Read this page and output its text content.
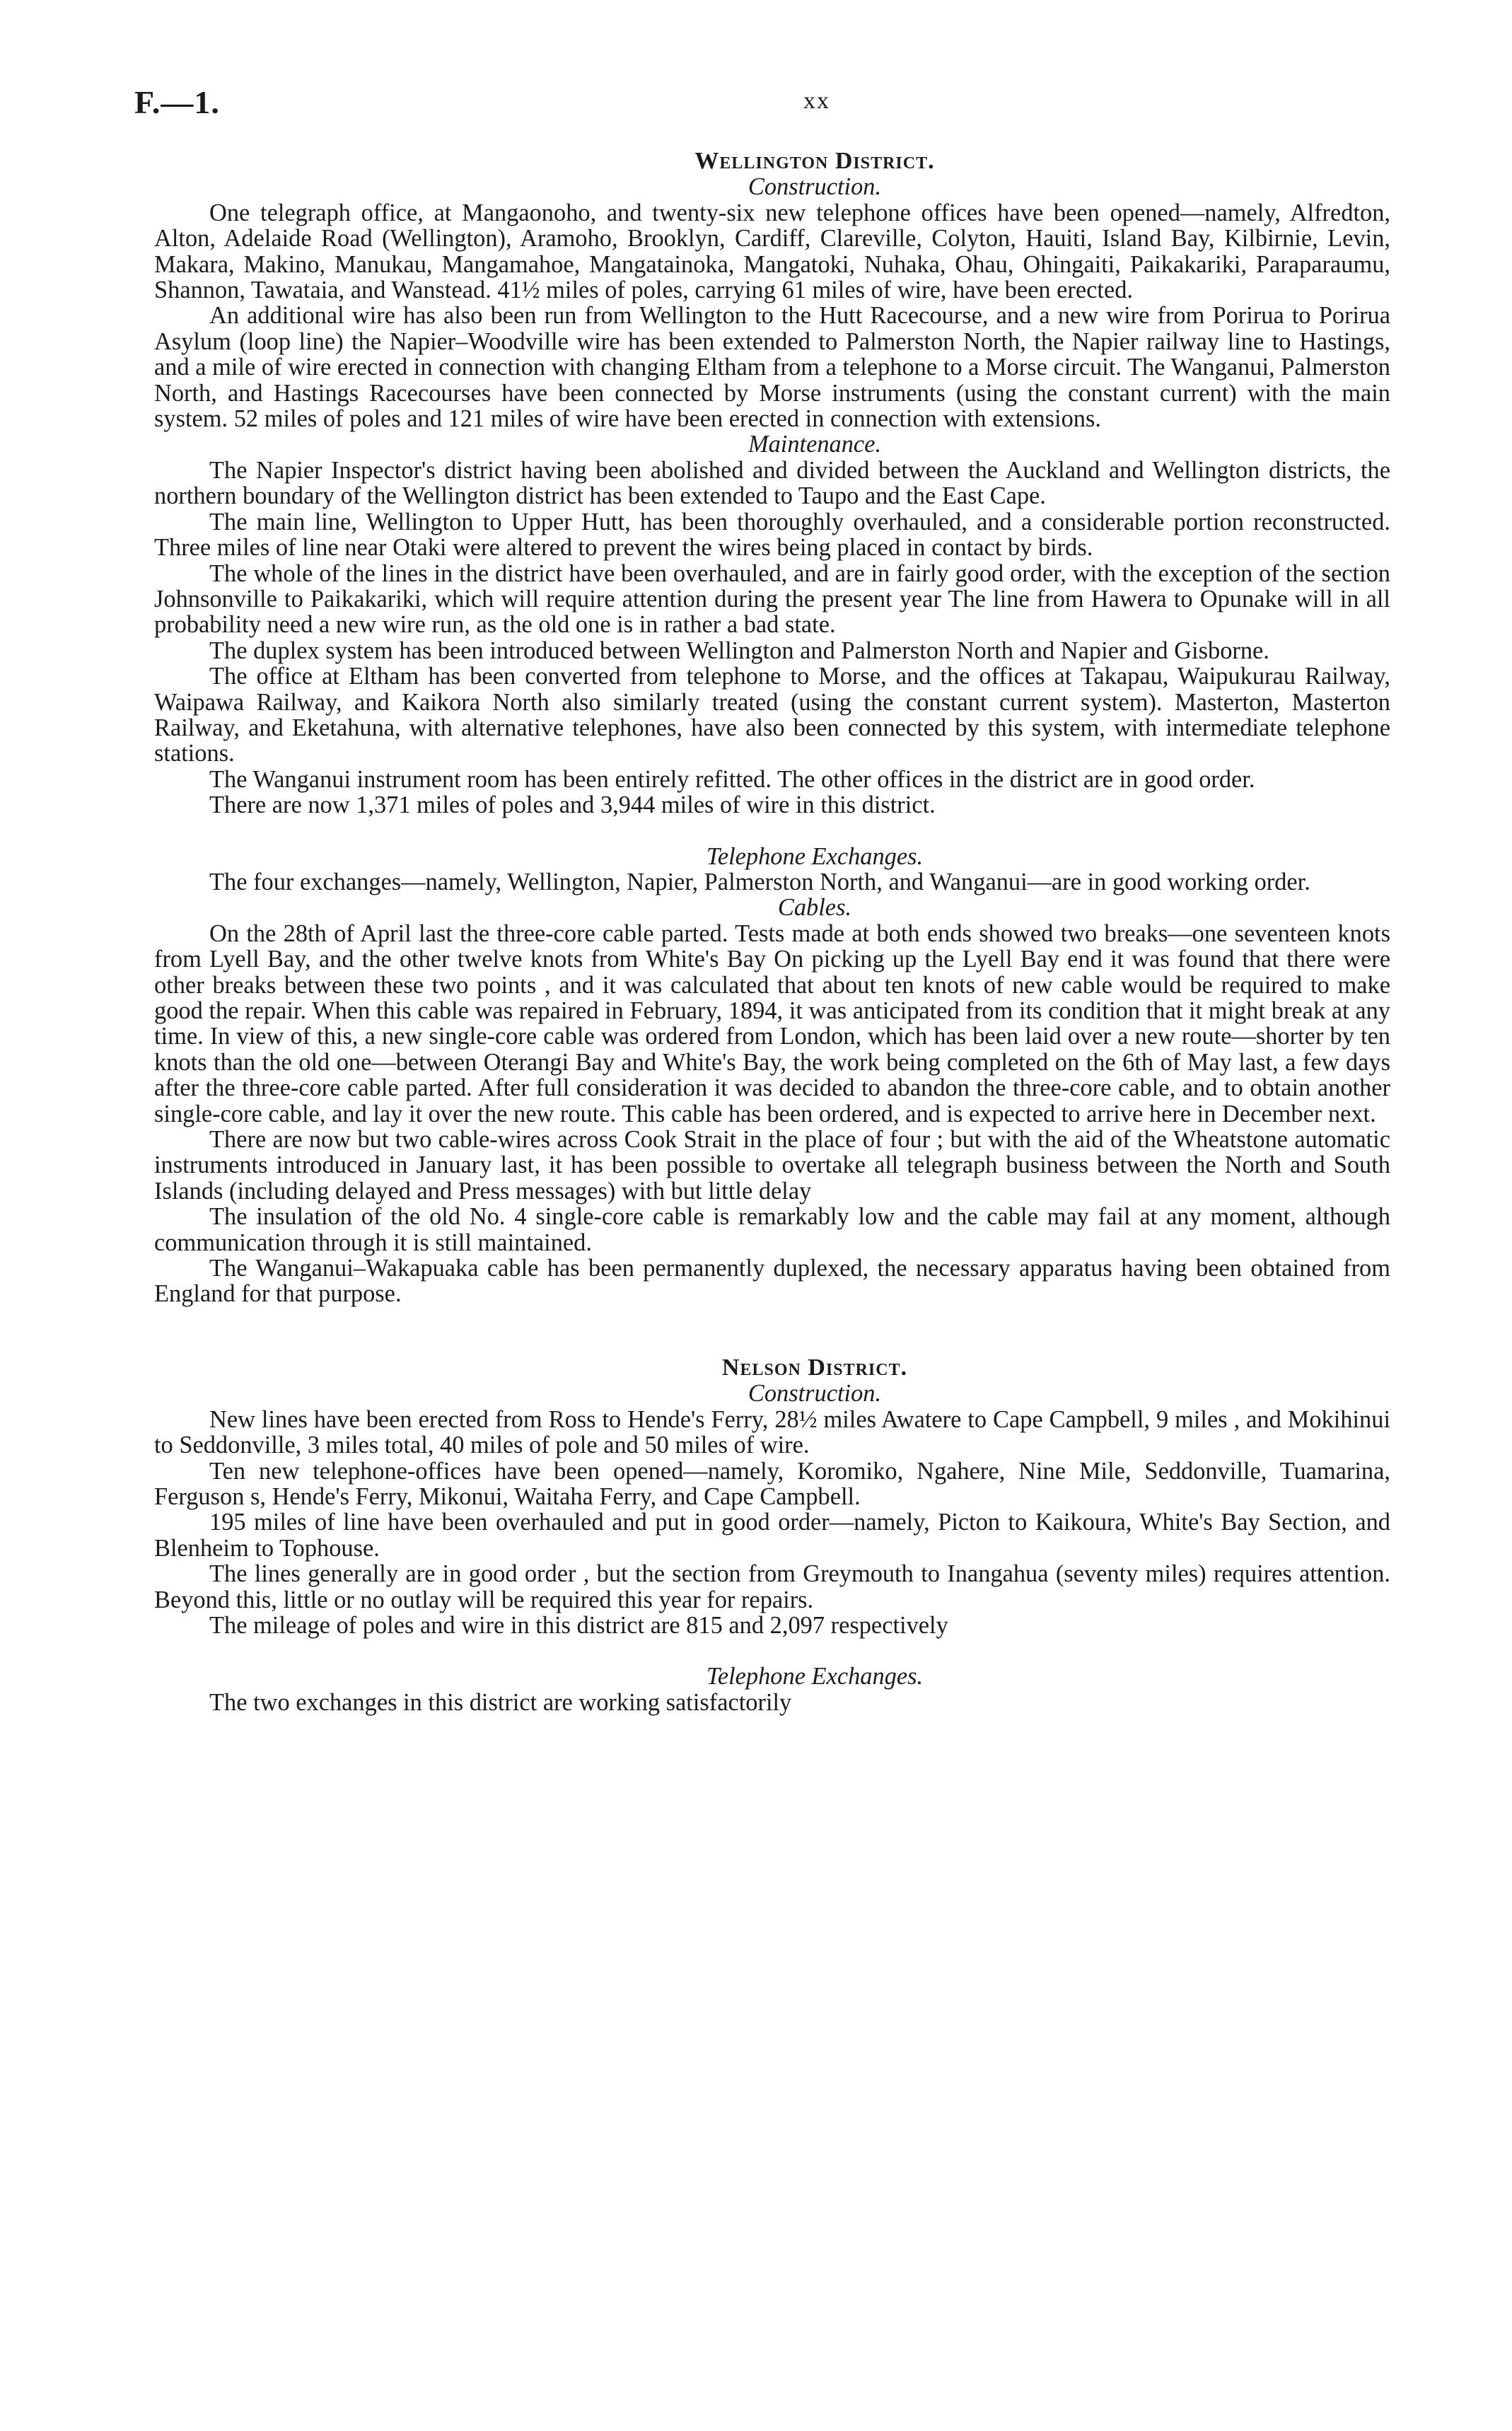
F.—1.	xx
Wellington District.
Construction.

One telegraph office, at Mangaonoho, and twenty-six new telephone offices have been opened—namely, Alfredton, Alton, Adelaide Road (Wellington), Aramoho, Brooklyn, Cardiff, Clareville, Colyton, Hauiti, Island Bay, Kilbirnie, Levin, Makara, Makino, Manukau, Mangamahoe, Mangatainoka, Mangatoki, Nuhaka, Ohau, Ohingaiti, Paikakariki, Paraparaumu, Shannon, Tawataia, and Wanstead. 41½ miles of poles, carrying 61 miles of wire, have been erected.

An additional wire has also been run from Wellington to the Hutt Racecourse, and a new wire from Porirua to Porirua Asylum (loop line) the Napier–Woodville wire has been extended to Palmerston North, the Napier railway line to Hastings, and a mile of wire erected in connection with changing Eltham from a telephone to a Morse circuit. The Wanganui, Palmerston North, and Hastings Racecourses have been connected by Morse instruments (using the constant current) with the main system. 52 miles of poles and 121 miles of wire have been erected in connection with extensions.

Maintenance.

The Napier Inspector's district having been abolished and divided between the Auckland and Wellington districts, the northern boundary of the Wellington district has been extended to Taupo and the East Cape.

The main line, Wellington to Upper Hutt, has been thoroughly overhauled, and a considerable portion reconstructed. Three miles of line near Otaki were altered to prevent the wires being placed in contact by birds.

The whole of the lines in the district have been overhauled, and are in fairly good order, with the exception of the section Johnsonville to Paikakariki, which will require attention during the present year The line from Hawera to Opunake will in all probability need a new wire run, as the old one is in rather a bad state.

The duplex system has been introduced between Wellington and Palmerston North and Napier and Gisborne.

The office at Eltham has been converted from telephone to Morse, and the offices at Takapau, Waipukurau Railway, Waipawa Railway, and Kaikora North also similarly treated (using the constant current system). Masterton, Masterton Railway, and Eketahuna, with alternative telephones, have also been connected by this system, with intermediate telephone stations.

The Wanganui instrument room has been entirely refitted. The other offices in the district are in good order.

There are now 1,371 miles of poles and 3,944 miles of wire in this district.

Telephone Exchanges.

The four exchanges—namely, Wellington, Napier, Palmerston North, and Wanganui—are in good working order.

Cables.

On the 28th of April last the three-core cable parted. Tests made at both ends showed two breaks—one seventeen knots from Lyell Bay, and the other twelve knots from White's Bay On picking up the Lyell Bay end it was found that there were other breaks between these two points , and it was calculated that about ten knots of new cable would be required to make good the repair. When this cable was repaired in February, 1894, it was anticipated from its condition that it might break at any time. In view of this, a new single-core cable was ordered from London, which has been laid over a new route—shorter by ten knots than the old one—between Oterangi Bay and White's Bay, the work being completed on the 6th of May last, a few days after the three-core cable parted. After full consideration it was decided to abandon the three-core cable, and to obtain another single-core cable, and lay it over the new route. This cable has been ordered, and is expected to arrive here in December next.

There are now but two cable-wires across Cook Strait in the place of four ; but with the aid of the Wheatstone automatic instruments introduced in January last, it has been possible to overtake all telegraph business between the North and South Islands (including delayed and Press messages) with but little delay

The insulation of the old No. 4 single-core cable is remarkably low and the cable may fail at any moment, although communication through it is still maintained.

The Wanganui–Wakapuaka cable has been permanently duplexed, the necessary apparatus having been obtained from England for that purpose.

Nelson District.
Construction.

New lines have been erected from Ross to Hende's Ferry, 28½ miles Awatere to Cape Campbell, 9 miles , and Mokihinui to Seddonville, 3 miles total, 40 miles of pole and 50 miles of wire.

Ten new telephone-offices have been opened—namely, Koromiko, Ngahere, Nine Mile, Seddonville, Tuamarina, Ferguson s, Hende's Ferry, Mikonui, Waitaha Ferry, and Cape Campbell.

195 miles of line have been overhauled and put in good order—namely, Picton to Kaikoura, White's Bay Section, and Blenheim to Tophouse.

The lines generally are in good order , but the section from Greymouth to Inangahua (seventy miles) requires attention. Beyond this, little or no outlay will be required this year for repairs.

The mileage of poles and wire in this district are 815 and 2,097 respectively

Telephone Exchanges.

The two exchanges in this district are working satisfactorily
